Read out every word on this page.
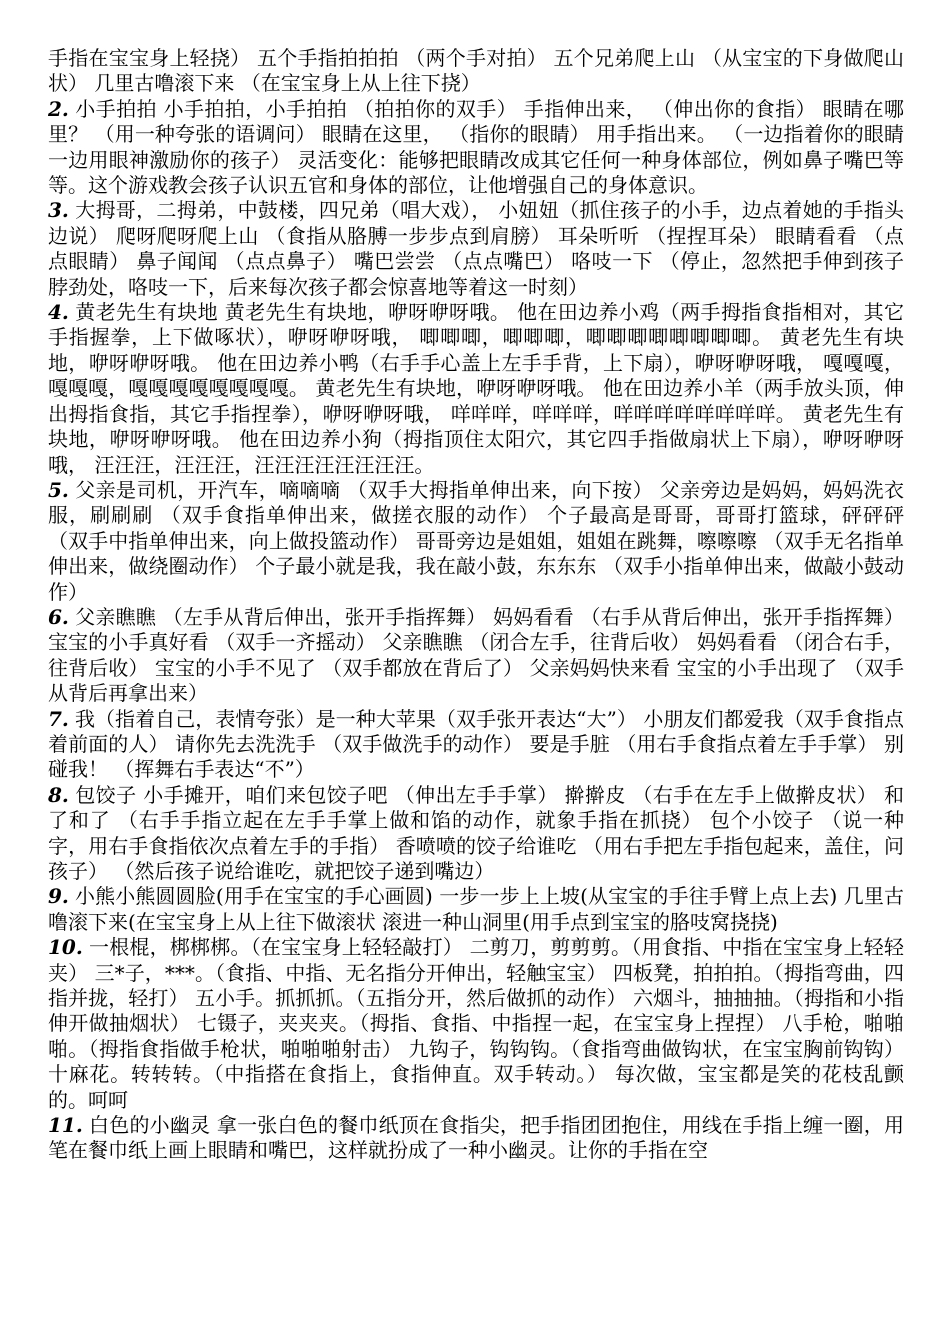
手指在宝宝身上轻挠） 五个手指拍拍拍 （两个手对拍） 五个兄弟爬上山 （从宝宝的下身做爬山状） 几里古噜滚下来 （在宝宝身上从上往下挠）

2. 小手拍拍 小手拍拍，小手拍拍 （拍拍你的双手） 手指伸出来， （伸出你的食指） 眼睛在哪里？ （用一种夸张的语调问） 眼睛在这里， （指你的眼睛） 用手指出来。 （一边指着你的眼睛一边用眼神激励你的孩子） 灵活变化：能够把眼睛改成其它任何一种身体部位，例如鼻子嘴巴等等。这个游戏教会孩子认识五官和身体的部位，让他增强自己的身体意识。

3. 大拇哥，二拇弟，中鼓楼，四兄弟（唱大戏）， 小妞妞（抓住孩子的小手，边点着她的手指头边说） 爬呀爬呀爬上山 （食指从胳膊一步步点到肩膀） 耳朵听听 （捏捏耳朵） 眼睛看看 （点点眼睛） 鼻子闻闻 （点点鼻子） 嘴巴尝尝 （点点嘴巴） 咯吱一下 （停止，忽然把手伸到孩子脖劲处，咯吱一下，后来每次孩子都会惊喜地等着这一时刻）

4. 黄老先生有块地 黄老先生有块地，咿呀咿呀哦。 他在田边养小鸡（两手拇指食指相对，其它手指握拳，上下做啄状），咿呀咿呀哦， 唧唧唧，唧唧唧，唧唧唧唧唧唧唧唧。 黄老先生有块地，咿呀咿呀哦。 他在田边养小鸭（右手手心盖上左手手背，上下扇），咿呀咿呀哦， 嘎嘎嘎，嘎嘎嘎，嘎嘎嘎嘎嘎嘎嘎嘎。 黄老先生有块地，咿呀咿呀哦。 他在田边养小羊（两手放头顶，伸出拇指食指，其它手指捏拳），咿呀咿呀哦， 咩咩咩，咩咩咩，咩咩咩咩咩咩咩咩。 黄老先生有块地，咿呀咿呀哦。 他在田边养小狗（拇指顶住太阳穴，其它四手指做扇状上下扇），咿呀咿呀哦， 汪汪汪，汪汪汪，汪汪汪汪汪汪汪汪。

5. 父亲是司机，开汽车，嘀嘀嘀 （双手大拇指单伸出来，向下按） 父亲旁边是妈妈，妈妈洗衣服，刷刷刷 （双手食指单伸出来，做搓衣服的动作） 个子最高是哥哥，哥哥打篮球，砰砰砰 （双手中指单伸出来，向上做投篮动作） 哥哥旁边是姐姐，姐姐在跳舞，嚓嚓嚓 （双手无名指单伸出来，做绕圈动作） 个子最小就是我，我在敲小鼓，东东东 （双手小指单伸出来，做敲小鼓动作）

6. 父亲瞧瞧 （左手从背后伸出，张开手指挥舞） 妈妈看看 （右手从背后伸出，张开手指挥舞） 宝宝的小手真好看 （双手一齐摇动） 父亲瞧瞧 （闭合左手，往背后收） 妈妈看看 （闭合右手，往背后收） 宝宝的小手不见了 （双手都放在背后了） 父亲妈妈快来看 宝宝的小手出现了 （双手从背后再拿出来）

7. 我（指着自己，表情夸张）是一种大苹果（双手张开表达“大”） 小朋友们都爱我（双手食指点着前面的人） 请你先去洗洗手 （双手做洗手的动作） 要是手脏 （用右手食指点着左手手掌） 别碰我！ （挥舞右手表达“不”）

8. 包饺子 小手摊开，咱们来包饺子吧 （伸出左手手掌） 擀擀皮 （右手在左手上做擀皮状） 和了和了 （右手手指立起在左手手掌上做和馅的动作，就象手指在抓挠） 包个小饺子 （说一种字，用右手食指依次点着左手的手指） 香喷喷的饺子给谁吃 （用右手把左手指包起来，盖住，问孩子） （然后孩子说给谁吃，就把饺子递到嘴边）

9. 小熊小熊圆圆脸(用手在宝宝的手心画圆) 一步一步上上坡(从宝宝的手往手臂上点上去) 几里古噜滚下来(在宝宝身上从上往下做滚状 滚进一种山洞里(用手点到宝宝的胳吱窝挠挠)

10. 一根棍，梆梆梆。（在宝宝身上轻轻敲打） 二剪刀，剪剪剪。（用食指、中指在宝宝身上轻轻夹） 三*子，***。（食指、中指、无名指分开伸出，轻触宝宝） 四板凳，拍拍拍。（拇指弯曲，四指并拢，轻打） 五小手。抓抓抓。（五指分开，然后做抓的动作） 六烟斗，抽抽抽。（拇指和小指伸开做抽烟状） 七镊子，夹夹夹。（拇指、食指、中指捏一起，在宝宝身上捏捏） 八手枪，啪啪啪。（拇指食指做手枪状，啪啪啪射击） 九钩子，钩钩钩。（食指弯曲做钩状，在宝宝胸前钩钩） 十麻花。转转转。（中指搭在食指上，食指伸直。双手转动。） 每次做，宝宝都是笑的花枝乱颤的。呵呵

11. 白色的小幽灵 拿一张白色的餐巾纸顶在食指尖，把手指团团抱住，用线在手指上缠一圈，用笔在餐巾纸上画上眼睛和嘴巴，这样就扮成了一种小幽灵。让你的手指在空
